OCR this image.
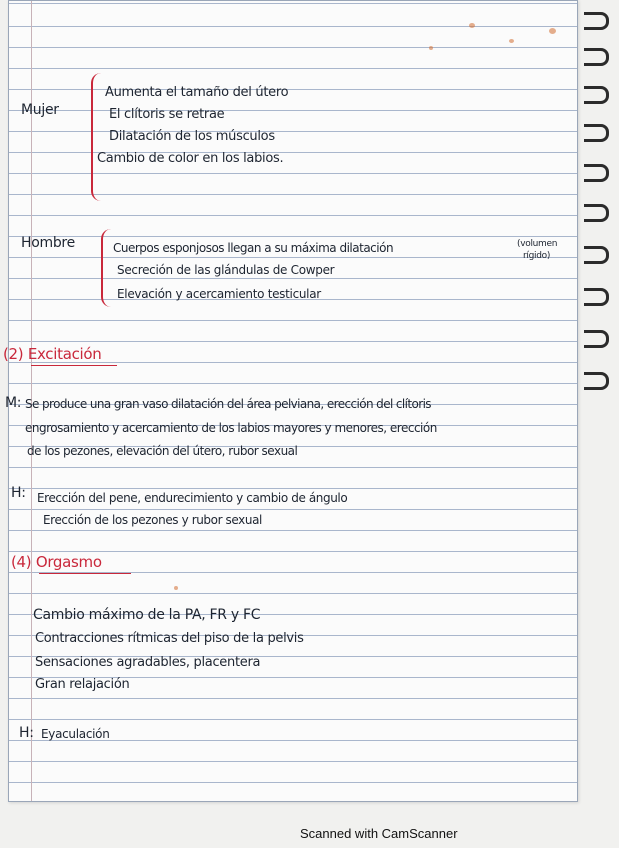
Mujer
Aumenta el tamaño del útero
El clítoris se retrae
Dilatación de los músculos
Cambio de color en los labios.
Hombre	Cuerpos esponjosos llegan a su máxima dilatación	(volumen
rígido)
Secreción de las glándulas de Cowper
Elevación y acercamiento testicular
(2) Excitación
M: Se produce una gran vaso dilatación del área pelviana, erección del clítoris
engrosamiento y acercamiento de los labios mayores y menores, erección
de los pezones, elevación del útero, rubor sexual
H: Erección del pene, endurecimiento y cambio de ángulo
Erección de los pezones y rubor sexual
(4) Orgasmo
Cambio máximo de la PA, FR y FC
Contracciones rítmicas del piso de la pelvis
Sensaciones agradables, placentera
Gran relajación
H: Eyaculación
Scanned with CamScanner
